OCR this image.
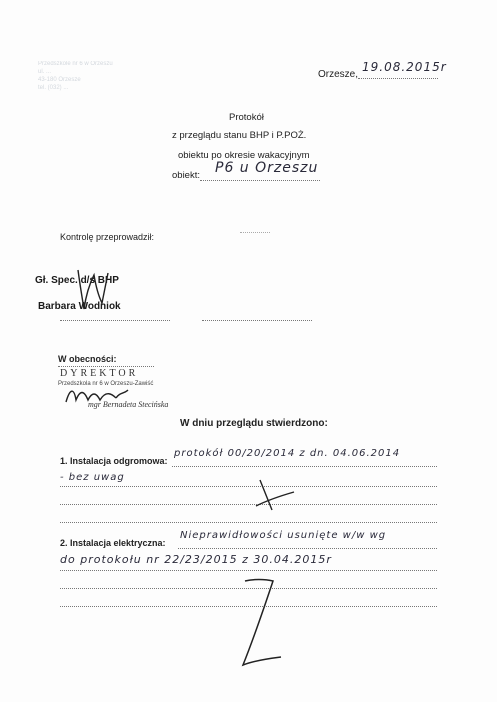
Przedszkole nr 6 w Orzeszu
ul. ...
43-180 Orzesze
tel. (032) ...
Orzesze,
19.08.2015r
Protokół
z przeglądu stanu BHP i P.POŻ.
obiektu po okresie wakacyjnym
obiekt: P6 u Orzeszu
Kontrolę przeprowadził:
Gł. Spec. d/s BHP
Barbara Wodniok
W obecności:
DYREKTOR
Przedszkola nr 6 w Orzeszu-Zawiść
mgr Bernadeta Stecińska
W dniu przeglądu stwierdzono:
1. Instalacja odgromowa:
protokół 00/20/2014 z dn. 04.06.2014
- bez uwag
2. Instalacja elektryczna:
Nieprawidłowości usunięte w/w wg
do protokołu nr 22/23/2015 z 30.04.2015r
